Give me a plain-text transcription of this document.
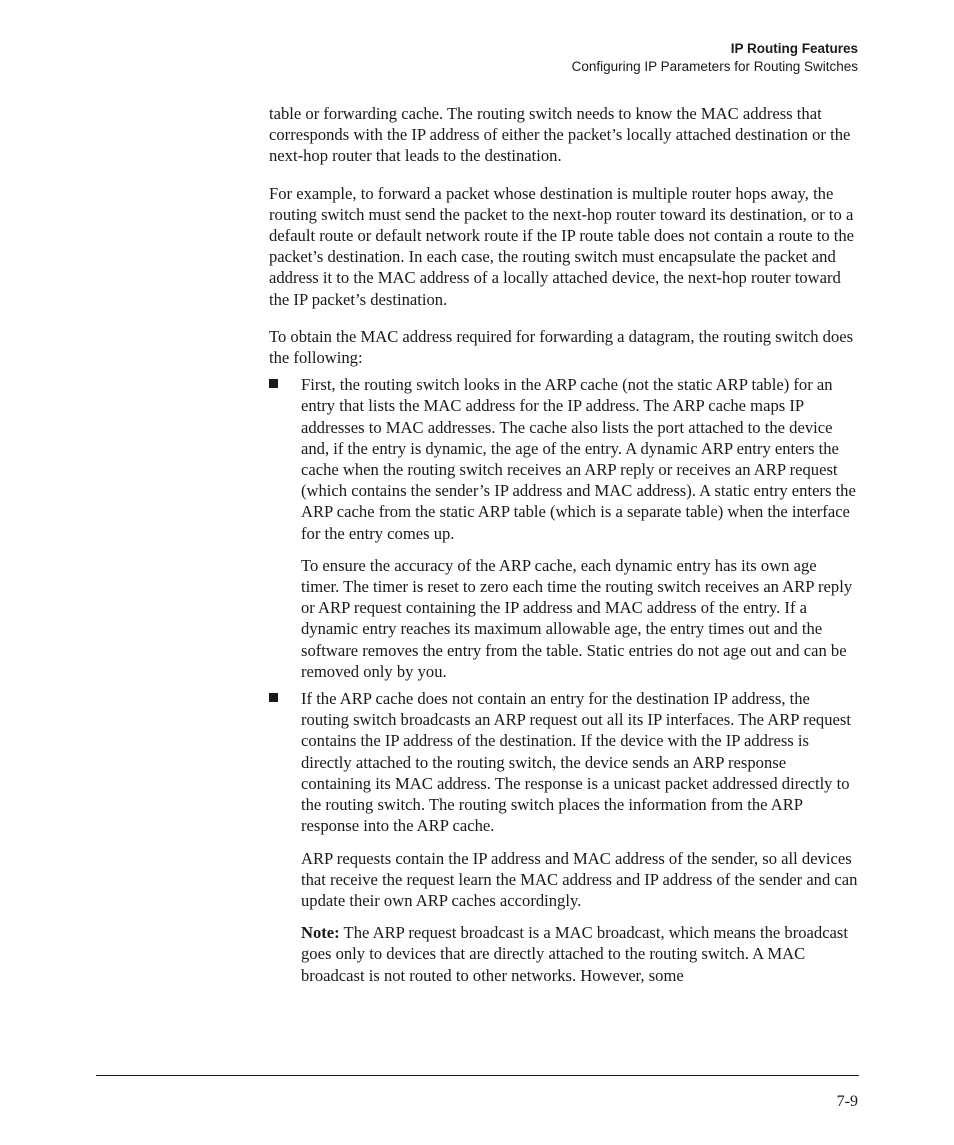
IP Routing Features
Configuring IP Parameters for Routing Switches

table or forwarding cache. The routing switch needs to know the MAC address that corresponds with the IP address of either the packet’s locally attached destination or the next-hop router that leads to the destination.

For example, to forward a packet whose destination is multiple router hops away, the routing switch must send the packet to the next-hop router toward its destination, or to a default route or default network route if the IP route table does not contain a route to the packet’s destination. In each case, the routing switch must encapsulate the packet and address it to the MAC address of a locally attached device, the next-hop router toward the IP packet’s destination.

To obtain the MAC address required for forwarding a datagram, the routing switch does the following:

First, the routing switch looks in the ARP cache (not the static ARP table) for an entry that lists the MAC address for the IP address. The ARP cache maps IP addresses to MAC addresses. The cache also lists the port attached to the device and, if the entry is dynamic, the age of the entry. A dynamic ARP entry enters the cache when the routing switch receives an ARP reply or receives an ARP request (which contains the sender’s IP address and MAC address). A static entry enters the ARP cache from the static ARP table (which is a separate table) when the interface for the entry comes up.

To ensure the accuracy of the ARP cache, each dynamic entry has its own age timer. The timer is reset to zero each time the routing switch receives an ARP reply or ARP request containing the IP address and MAC address of the entry. If a dynamic entry reaches its maximum allowable age, the entry times out and the software removes the entry from the table. Static entries do not age out and can be removed only by you.

If the ARP cache does not contain an entry for the destination IP address, the routing switch broadcasts an ARP request out all its IP interfaces. The ARP request contains the IP address of the destination. If the device with the IP address is directly attached to the routing switch, the device sends an ARP response containing its MAC address. The response is a unicast packet addressed directly to the routing switch. The routing switch places the information from the ARP response into the ARP cache.

ARP requests contain the IP address and MAC address of the sender, so all devices that receive the request learn the MAC address and IP address of the sender and can update their own ARP caches accordingly.

Note: The ARP request broadcast is a MAC broadcast, which means the broadcast goes only to devices that are directly attached to the routing switch. A MAC broadcast is not routed to other networks. However, some

7-9
